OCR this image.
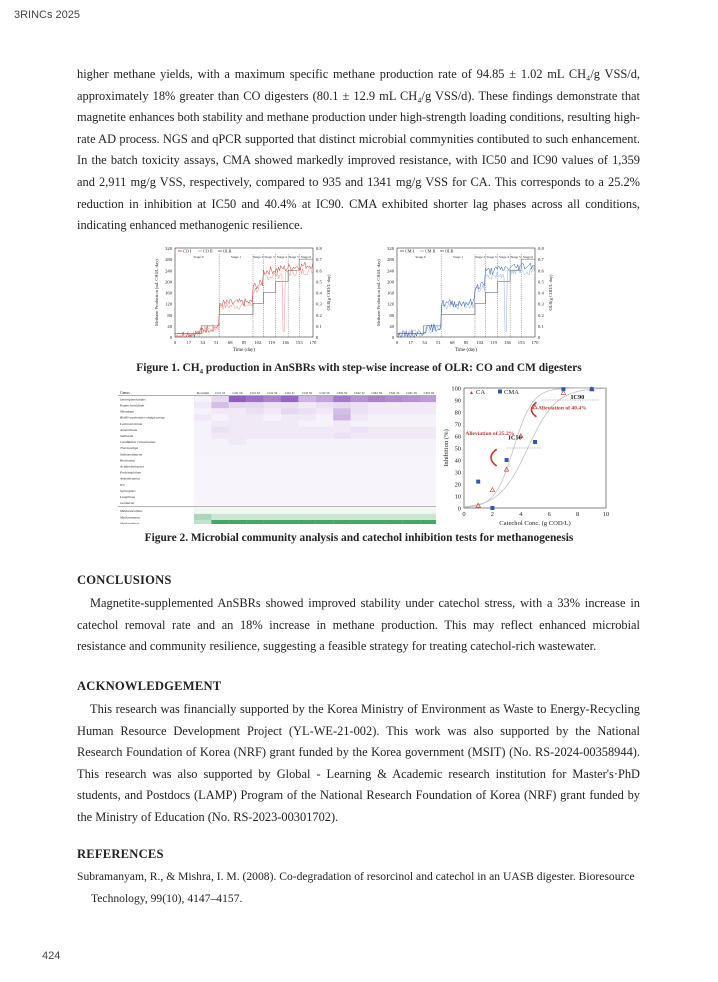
3RINCs 2025

higher methane yields, with a maximum specific methane production rate of 94.85 ± 1.02 mL CH₄/g VSS/d, approximately 18% greater than CO digesters (80.1 ± 12.9 mL CH₄/g VSS/d). These findings demonstrate that magnetite enhances both stability and methane production under high-strength loading conditions, resulting high-rate AD process. NGS and qPCR supported that distinct microbial commynities contibuted to such enhancement. In the batch toxicity assays, CMA showed markedly improved resistance, with IC50 and IC90 values of 1,359 and 2,911 mg/g VSS, respectively, compared to 935 and 1341 mg/g VSS for CA. This corresponds to a 25.2% reduction in inhibition at IC50 and 40.4% at IC90. CMA exhibited shorter lag phases across all conditions, indicating enhanced methanogenic resilience.

0
40
80
120
160
200
240
280
320
0
0.1
0.2
0.3
0.4
0.5
0.6
0.7
0.8
0 17 34 51 68 85 102 119 136 153 170
Time (day)
Methane Production (mL CH4/L·day)	OLR(g COD/L·day)
CO I	CO II OLR
Stage 0	Stage 1	Stage 2 Stage 3 Stage 4 Stage 5 Stage 6
0
40
80
120
160
200
240
280
320
0
0.1
0.2
0.3
0.4
0.5
0.6
0.7
0.8
0 17 34 51 68 85 102 119 136 153 170
Time (day)
Methane Production (mL CH4/L·day)	OLR(g COD/L·day)
CM I	CM II OLR
Stage 0	Stage 1	Stage 2 Stage 3 Stage 4 Stage 5 Stage 6

Figure 1. CH₄ production in AnSBRs with step-wise increase of OLR: CO and CM digesters

Genus	Inoculum CO1 32 CO1 59 CO2 32 CO2 59 CO2 31 CO2 56 CO2 59 CM2 59 CM2 32 CM2 59 CM1 32 CM1 59 CM1 60
Syntrophorhabdus
Peptoclostridium
Mesotoga
Bhi80 wastewater-sludge group
Lentimicrobium
Anaerolinea
Smithella
Candidatus Cloacimonas
Thermovirga
Sedimentibacter
Rectinema
Acidaminobacter
Proteiniphilum
Ardenticatena
W5
Syntrophus
Longilinea
Geobacter
Methanoculleus
Methanosaeta
Methanothrix
0
10
20
30
40
50
60
70
80
90
100
0	2	4	6	8	10
Catechol Conc. (g COD/L)
Inhibition (%)
▴ CA	CMA
IC90
IC50
Alleviation of 40.4%
Alleviation of 25.2%

Figure 2. Microbial community analysis and catechol inhibition tests for methanogenesis

CONCLUSIONS

Magnetite-supplemented AnSBRs showed improved stability under catechol stress, with a 33% increase in catechol removal rate and an 18% increase in methane production. This may reflect enhanced microbial resistance and community resilience, suggesting a feasible strategy for treating catechol-rich wastewater.

ACKNOWLEDGEMENT

This research was financially supported by the Korea Ministry of Environment as Waste to Energy-Recycling Human Resource Development Project (YL-WE-21-002). This work was also supported by the National Research Foundation of Korea (NRF) grant funded by the Korea government (MSIT) (No. RS-2024-00358944). This research was also supported by Global - Learning & Academic research institution for Master's·PhD students, and Postdocs (LAMP) Program of the National Research Foundation of Korea (NRF) grant funded by the Ministry of Education (No. RS-2023-00301702).

REFERENCES

Subramanyam, R., & Mishra, I. M. (2008). Co-degradation of resorcinol and catechol in an UASB digester. Bioresource Technology, 99(10), 4147–4157.

424
